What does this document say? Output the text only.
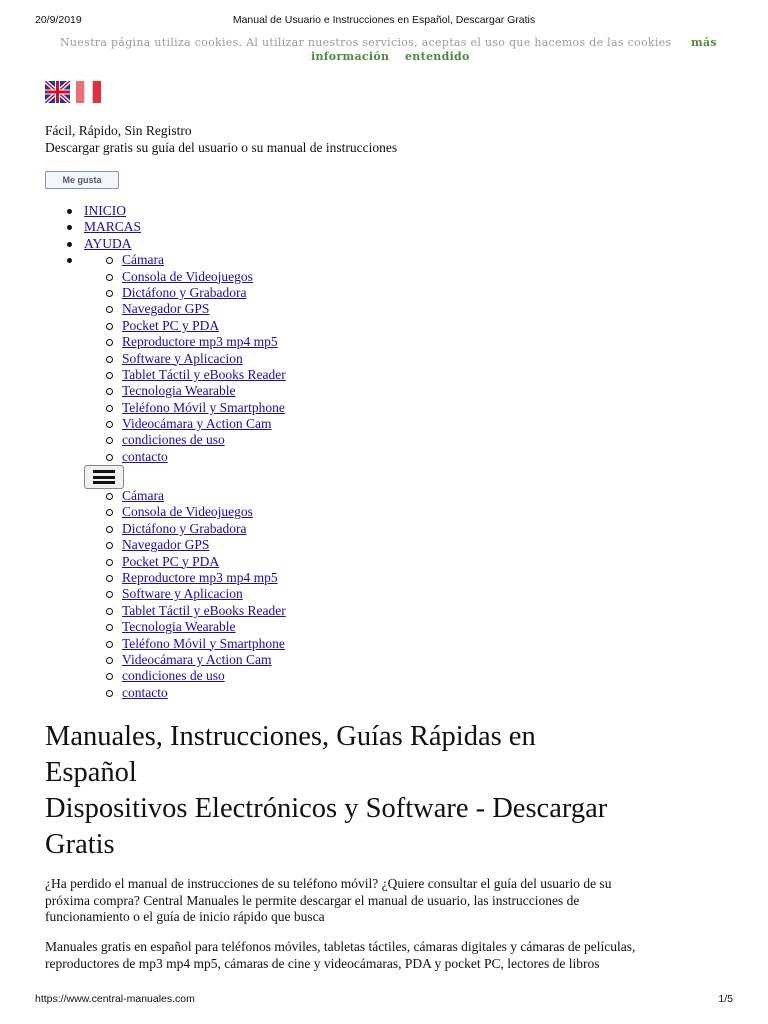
20/9/2019	Manual de Usuario e Instrucciones en Español, Descargar Gratis
Nuestra página utiliza cookies. Al utilizar nuestros servicios, aceptas el uso que hacemos de las cookies más
información entendido

Fácil, Rápido, Sin Registro
Descargar gratis su guía del usuario o su manual de instrucciones
Me gusta
INICIO
MARCAS
AYUDA
Cámara
Consola de Videojuegos
Dictáfono y Grabadora
Navegador GPS
Pocket PC y PDA
Reproductore mp3 mp4 mp5
Software y Aplicacion
Tablet Táctil y eBooks Reader
Tecnologia Wearable
Teléfono Móvil y Smartphone
Videocámara y Action Cam
condiciones de uso
contacto
Cámara
Consola de Videojuegos
Dictáfono y Grabadora
Navegador GPS
Pocket PC y PDA
Reproductore mp3 mp4 mp5
Software y Aplicacion
Tablet Táctil y eBooks Reader
Tecnologia Wearable
Teléfono Móvil y Smartphone
Videocámara y Action Cam
condiciones de uso
contacto
Manuales, Instrucciones, Guías Rápidas en
Español
Dispositivos Electrónicos y Software - Descargar
Gratis
¿Ha perdido el manual de instrucciones de su teléfono móvil? ¿Quiere consultar el guía del usuario de su
próxima compra? Central Manuales le permite descargar el manual de usuario, las instrucciones de
funcionamiento o el guía de inicio rápido que busca
Manuales gratis en español para teléfonos móviles, tabletas táctiles, cámaras digitales y cámaras de películas,
reproductores de mp3 mp4 mp5, cámaras de cine y videocámaras, PDA y pocket PC, lectores de libros
https://www.central-manuales.com	1/5
